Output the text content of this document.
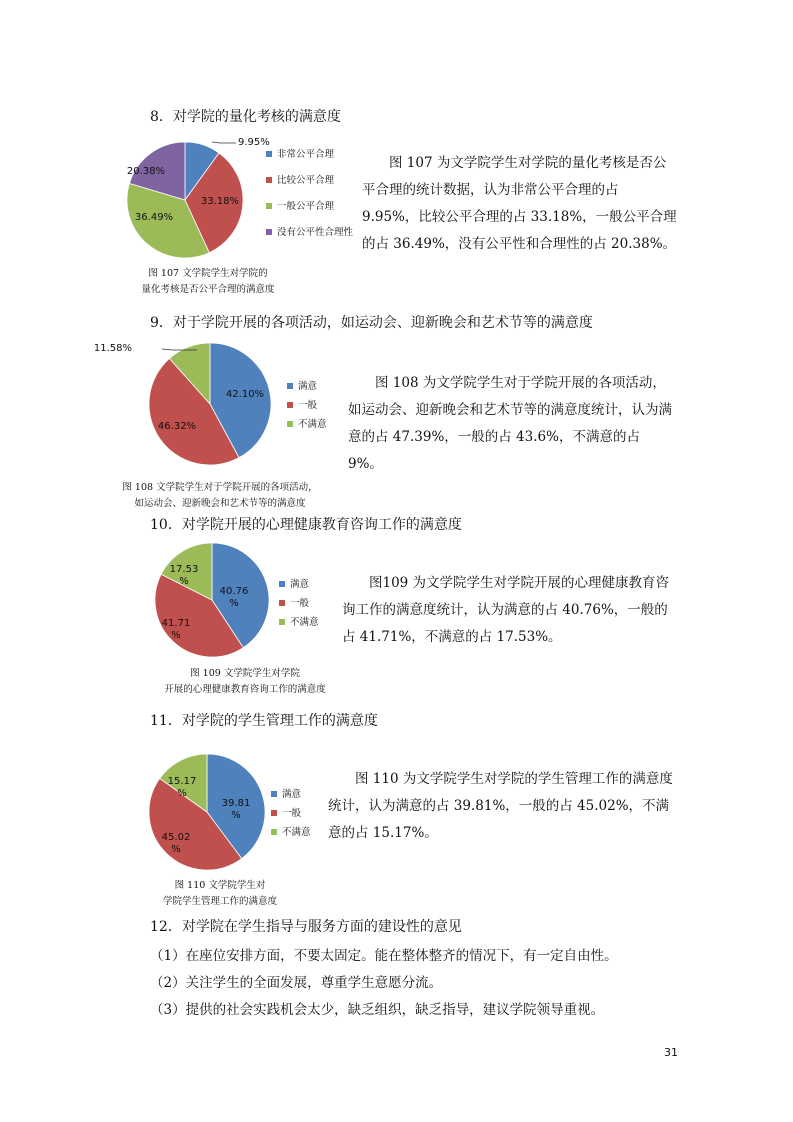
8．对学院的量化考核的满意度
9.95%
33.18%
36.49%
20.38%
非常公平合理
比较公平合理
一般公平合理
没有公平性合理性
图 107 为文学院学生对学院的量化考核是否公平合理的统计数据，认为非常公平合理的占 9.95%，比较公平合理的占 33.18%，一般公平合理的占 36.49%，没有公平性和合理性的占 20.38%。
图 107 文学院学生对学院的
量化考核是否公平合理的满意度
9．对于学院开展的各项活动，如运动会、迎新晚会和艺术节等的满意度
42.10%
46.32%
11.58%
满意
一般
不满意
图 108 为文学院学生对于学院开展的各项活动，如运动会、迎新晚会和艺术节等的满意度统计，认为满意的占 47.39%，一般的占 43.6%，不满意的占 9%。
图 108 文学院学生对于学院开展的各项活动，
如运动会、迎新晚会和艺术节等的满意度
10．对学院开展的心理健康教育咨询工作的满意度
40.76 %
41.71 %
17.53 %	满意
一般
不满意
图109 为文学院学生对学院开展的心理健康教育咨询工作的满意度统计，认为满意的占 40.76%，一般的占 41.71%，不满意的占 17.53%。
图 109 文学院学生对学院
开展的心理健康教育咨询工作的满意度
11．对学院的学生管理工作的满意度
39.81 %
45.02 %
15.17 %	满意
一般
不满意
图 110 为文学院学生对学院的学生管理工作的满意度统计，认为满意的占 39.81%，一般的占 45.02%，不满意的占 15.17%。
图 110 文学院学生对
学院学生管理工作的满意度
12．对学院在学生指导与服务方面的建设性的意见
（1）在座位安排方面，不要太固定。能在整体整齐的情况下，有一定自由性。
（2）关注学生的全面发展，尊重学生意愿分流。
（3）提供的社会实践机会太少，缺乏组织，缺乏指导，建议学院领导重视。
31
